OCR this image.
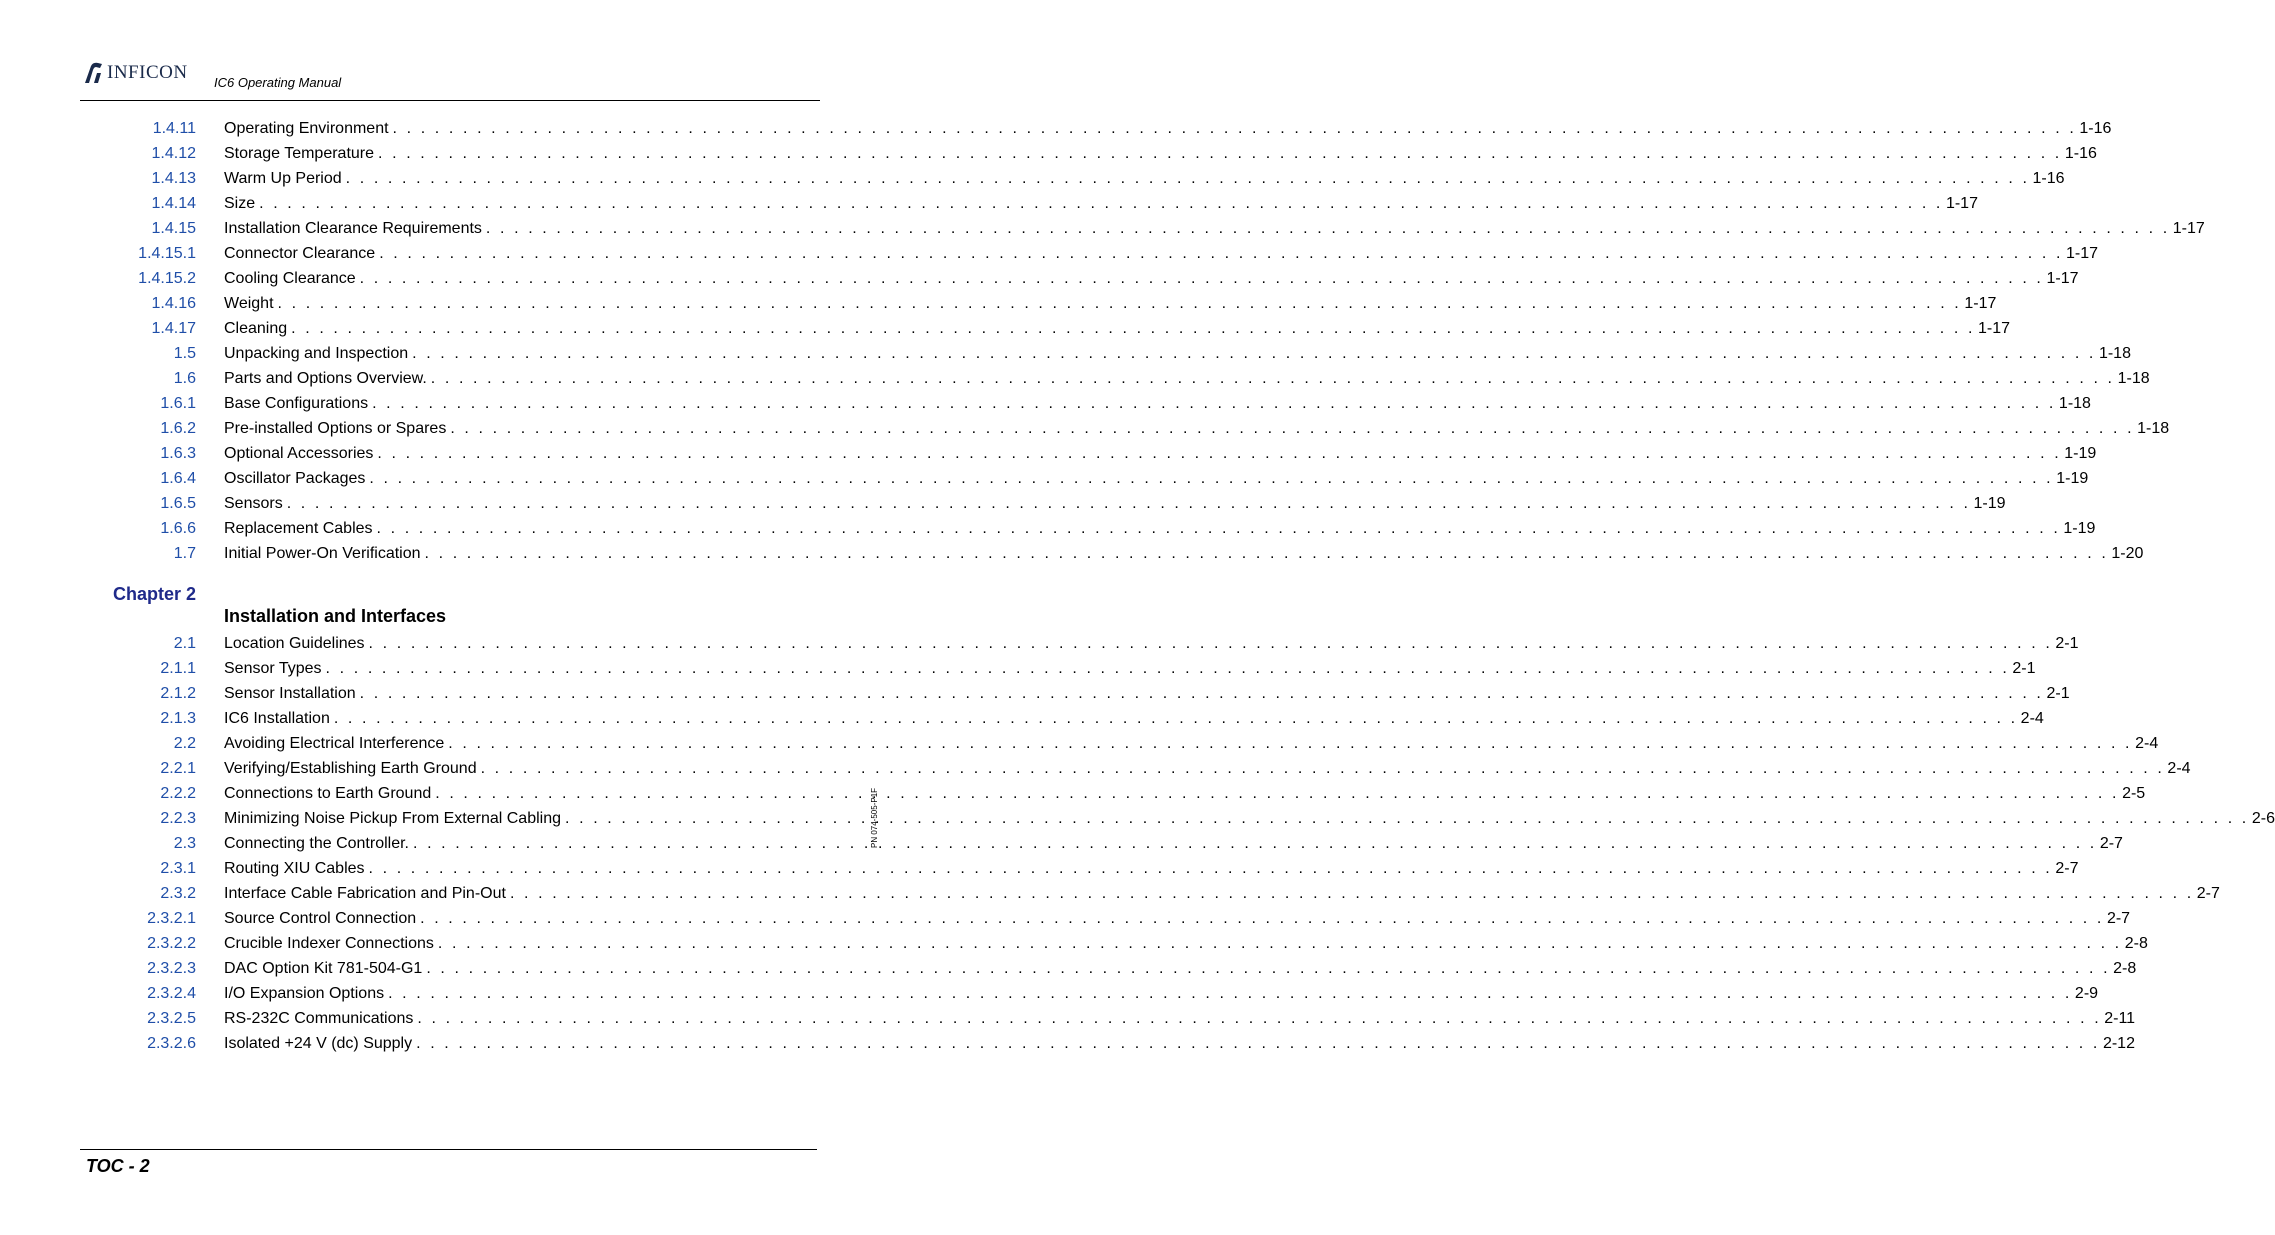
INFICON IC6 Operating Manual
1.4.11 Operating Environment . . . . . . . . . . . . . . . . . . . . . . . . . . . . . . . . . . . . . . . . . . . . . . . . . . . . . . . . . . . . . . . . . . . . . . . . . . . . . . . . . . . . . . . . . . . . . . . . . . . . . . . . . . . . . . . . . . . . . . . . 1-16
1.4.12 Storage Temperature . . . . . . . . . . . . . . . . . . . . . . . . . . . . . . . . . . . . . . . . . . . . . . . . . . . . . . . . . . . . . . . . . . . . . . . . . . . . . . . . . . . . . . . . . . . . . . . . . . . . . . . . . . . . . . . . . . . . . . . . 1-16
1.4.13 Warm Up Period . . . . . . . . . . . . . . . . . . . . . . . . . . . . . . . . . . . . . . . . . . . . . . . . . . . . . . . . . . . . . . . . . . . . . . . . . . . . . . . . . . . . . . . . . . . . . . . . . . . . . . . . . . . . . . . . . . . . . . . . 1-16
1.4.14 Size . . . . . . . . . . . . . . . . . . . . . . . . . . . . . . . . . . . . . . . . . . . . . . . . . . . . . . . . . . . . . . . . . . . . . . . . . . . . . . . . . . . . . . . . . . . . . . . . . . . . . . . . . . . . . . . . . . . . . . . . 1-17
1.4.15 Installation Clearance Requirements . . . . . . . . . . . . . . . . . . . . . . . . . . . . . . . . . . . . . . . . . . . . . . . . . . . . . . . . . . . . . . . . . . . . . . . . . . . . . . . . . . . . . . . . . . . . . . . . . . . . . . . . . . . . . . . . . . . . . . . . 1-17
1.4.15.1 Connector Clearance . . . . . . . . . . . . . . . . . . . . . . . . . . . . . . . . . . . . . . . . . . . . . . . . . . . . . . . . . . . . . . . . . . . . . . . . . . . . . . . . . . . . . . . . . . . . . . . . . . . . . . . . . . . . . . . . . . . . . . . . 1-17
1.4.15.2 Cooling Clearance . . . . . . . . . . . . . . . . . . . . . . . . . . . . . . . . . . . . . . . . . . . . . . . . . . . . . . . . . . . . . . . . . . . . . . . . . . . . . . . . . . . . . . . . . . . . . . . . . . . . . . . . . . . . . . . . . . . . . . . . 1-17
1.4.16 Weight . . . . . . . . . . . . . . . . . . . . . . . . . . . . . . . . . . . . . . . . . . . . . . . . . . . . . . . . . . . . . . . . . . . . . . . . . . . . . . . . . . . . . . . . . . . . . . . . . . . . . . . . . . . . . . . . . . . . . . . . 1-17
1.4.17 Cleaning . . . . . . . . . . . . . . . . . . . . . . . . . . . . . . . . . . . . . . . . . . . . . . . . . . . . . . . . . . . . . . . . . . . . . . . . . . . . . . . . . . . . . . . . . . . . . . . . . . . . . . . . . . . . . . . . . . . . . . . . 1-17
1.5 Unpacking and Inspection . . . . . . . . . . . . . . . . . . . . . . . . . . . . . . . . . . . . . . . . . . . . . . . . . . . . . . . . . . . . . . . . . . . . . . . . . . . . . . . . . . . . . . . . . . . . . . . . . . . . . . . . . . . . . . . . . . . . . . . . 1-18
1.6 Parts and Options Overview. . . . . . . . . . . . . . . . . . . . . . . . . . . . . . . . . . . . . . . . . . . . . . . . . . . . . . . . . . . . . . . . . . . . . . . . . . . . . . . . . . . . . . . . . . . . . . . . . . . . . . . . . . . . . . . . . . . . . . . . . 1-18
1.6.1 Base Configurations . . . . . . . . . . . . . . . . . . . . . . . . . . . . . . . . . . . . . . . . . . . . . . . . . . . . . . . . . . . . . . . . . . . . . . . . . . . . . . . . . . . . . . . . . . . . . . . . . . . . . . . . . . . . . . . . . . . . . . . . 1-18
1.6.2 Pre-installed Options or Spares . . . . . . . . . . . . . . . . . . . . . . . . . . . . . . . . . . . . . . . . . . . . . . . . . . . . . . . . . . . . . . . . . . . . . . . . . . . . . . . . . . . . . . . . . . . . . . . . . . . . . . . . . . . . . . . . . . . . . . . . 1-18
1.6.3 Optional Accessories . . . . . . . . . . . . . . . . . . . . . . . . . . . . . . . . . . . . . . . . . . . . . . . . . . . . . . . . . . . . . . . . . . . . . . . . . . . . . . . . . . . . . . . . . . . . . . . . . . . . . . . . . . . . . . . . . . . . . . . . 1-19
1.6.4 Oscillator Packages . . . . . . . . . . . . . . . . . . . . . . . . . . . . . . . . . . . . . . . . . . . . . . . . . . . . . . . . . . . . . . . . . . . . . . . . . . . . . . . . . . . . . . . . . . . . . . . . . . . . . . . . . . . . . . . . . . . . . . . . 1-19
1.6.5 Sensors . . . . . . . . . . . . . . . . . . . . . . . . . . . . . . . . . . . . . . . . . . . . . . . . . . . . . . . . . . . . . . . . . . . . . . . . . . . . . . . . . . . . . . . . . . . . . . . . . . . . . . . . . . . . . . . . . . . . . . . . 1-19
1.6.6 Replacement Cables . . . . . . . . . . . . . . . . . . . . . . . . . . . . . . . . . . . . . . . . . . . . . . . . . . . . . . . . . . . . . . . . . . . . . . . . . . . . . . . . . . . . . . . . . . . . . . . . . . . . . . . . . . . . . . . . . . . . . . . . 1-19
1.7 Initial Power-On Verification . . . . . . . . . . . . . . . . . . . . . . . . . . . . . . . . . . . . . . . . . . . . . . . . . . . . . . . . . . . . . . . . . . . . . . . . . . . . . . . . . . . . . . . . . . . . . . . . . . . . . . . . . . . . . . . . . . . . . . . . 1-20
Chapter 2
Installation and Interfaces
2.1 Location Guidelines . . . . . . . . . . . . . . . . . . . . . . . . . . . . . . . . . . . . . . . . . . . . . . . . . . . . . . . . . . . . . . . . . . . . . . . . . . . . . . . . . . . . . . . . . . . . . . . . . . . . . . . . . . . . . . . . . . . . . . . . 2-1
2.1.1 Sensor Types . . . . . . . . . . . . . . . . . . . . . . . . . . . . . . . . . . . . . . . . . . . . . . . . . . . . . . . . . . . . . . . . . . . . . . . . . . . . . . . . . . . . . . . . . . . . . . . . . . . . . . . . . . . . . . . . . . . . . . . . 2-1
2.1.2 Sensor Installation . . . . . . . . . . . . . . . . . . . . . . . . . . . . . . . . . . . . . . . . . . . . . . . . . . . . . . . . . . . . . . . . . . . . . . . . . . . . . . . . . . . . . . . . . . . . . . . . . . . . . . . . . . . . . . . . . . . . . . . . 2-1
2.1.3 IC6 Installation . . . . . . . . . . . . . . . . . . . . . . . . . . . . . . . . . . . . . . . . . . . . . . . . . . . . . . . . . . . . . . . . . . . . . . . . . . . . . . . . . . . . . . . . . . . . . . . . . . . . . . . . . . . . . . . . . . . . . . . . 2-4
2.2 Avoiding Electrical Interference . . . . . . . . . . . . . . . . . . . . . . . . . . . . . . . . . . . . . . . . . . . . . . . . . . . . . . . . . . . . . . . . . . . . . . . . . . . . . . . . . . . . . . . . . . . . . . . . . . . . . . . . . . . . . . . . . . . . . . . . 2-4
2.2.1 Verifying/Establishing Earth Ground . . . . . . . . . . . . . . . . . . . . . . . . . . . . . . . . . . . . . . . . . . . . . . . . . . . . . . . . . . . . . . . . . . . . . . . . . . . . . . . . . . . . . . . . . . . . . . . . . . . . . . . . . . . . . . . . . . . . . . . . 2-4
2.2.2 Connections to Earth Ground . . . . . . . . . . . . . . . . . . . . . . . . . . . . . . . . . . . . . . . . . . . . . . . . . . . . . . . . . . . . . . . . . . . . . . . . . . . . . . . . . . . . . . . . . . . . . . . . . . . . . . . . . . . . . . . . . . . . . . . . 2-5
2.2.3 Minimizing Noise Pickup From External Cabling . . . . . . . . . . . . . . . . . . . . . . . . . . . . . . . . . . . . . . . . . . . . . . . . . . . . . . . . . . . . . . . . . . . . . . . . . . . . . . . . . . . . . . . . . . . . . . . . . . . . . . . . . . . . . . . . . . . . . . . . 2-6
2.3 Connecting the Controller. . . . . . . . . . . . . . . . . . . . . . . . . . . . . . . . . . . . . . . . . . . . . . . . . . . . . . . . . . . . . . . . . . . . . . . . . . . . . . . . . . . . . . . . . . . . . . . . . . . . . . . . . . . . . . . . . . . . . . . . . 2-7
2.3.1 Routing XIU Cables . . . . . . . . . . . . . . . . . . . . . . . . . . . . . . . . . . . . . . . . . . . . . . . . . . . . . . . . . . . . . . . . . . . . . . . . . . . . . . . . . . . . . . . . . . . . . . . . . . . . . . . . . . . . . . . . . . . . . . . . 2-7
2.3.2 Interface Cable Fabrication and Pin-Out . . . . . . . . . . . . . . . . . . . . . . . . . . . . . . . . . . . . . . . . . . . . . . . . . . . . . . . . . . . . . . . . . . . . . . . . . . . . . . . . . . . . . . . . . . . . . . . . . . . . . . . . . . . . . . . . . . . . . . . . 2-7
2.3.2.1 Source Control Connection . . . . . . . . . . . . . . . . . . . . . . . . . . . . . . . . . . . . . . . . . . . . . . . . . . . . . . . . . . . . . . . . . . . . . . . . . . . . . . . . . . . . . . . . . . . . . . . . . . . . . . . . . . . . . . . . . . . . . . . . 2-7
2.3.2.2 Crucible Indexer Connections . . . . . . . . . . . . . . . . . . . . . . . . . . . . . . . . . . . . . . . . . . . . . . . . . . . . . . . . . . . . . . . . . . . . . . . . . . . . . . . . . . . . . . . . . . . . . . . . . . . . . . . . . . . . . . . . . . . . . . . . 2-8
2.3.2.3 DAC Option Kit 781-504-G1 . . . . . . . . . . . . . . . . . . . . . . . . . . . . . . . . . . . . . . . . . . . . . . . . . . . . . . . . . . . . . . . . . . . . . . . . . . . . . . . . . . . . . . . . . . . . . . . . . . . . . . . . . . . . . . . . . . . . . . . . 2-8
2.3.2.4 I/O Expansion Options . . . . . . . . . . . . . . . . . . . . . . . . . . . . . . . . . . . . . . . . . . . . . . . . . . . . . . . . . . . . . . . . . . . . . . . . . . . . . . . . . . . . . . . . . . . . . . . . . . . . . . . . . . . . . . . . . . . . . . . . 2-9
2.3.2.5 RS-232C Communications . . . . . . . . . . . . . . . . . . . . . . . . . . . . . . . . . . . . . . . . . . . . . . . . . . . . . . . . . . . . . . . . . . . . . . . . . . . . . . . . . . . . . . . . . . . . . . . . . . . . . . . . . . . . . . . . . . . . . . . . 2-11
2.3.2.6 Isolated +24 V (dc) Supply . . . . . . . . . . . . . . . . . . . . . . . . . . . . . . . . . . . . . . . . . . . . . . . . . . . . . . . . . . . . . . . . . . . . . . . . . . . . . . . . . . . . . . . . . . . . . . . . . . . . . . . . . . . . . . . . . . . . . . . . 2-12
PN 074-505-P1F
TOC - 2
